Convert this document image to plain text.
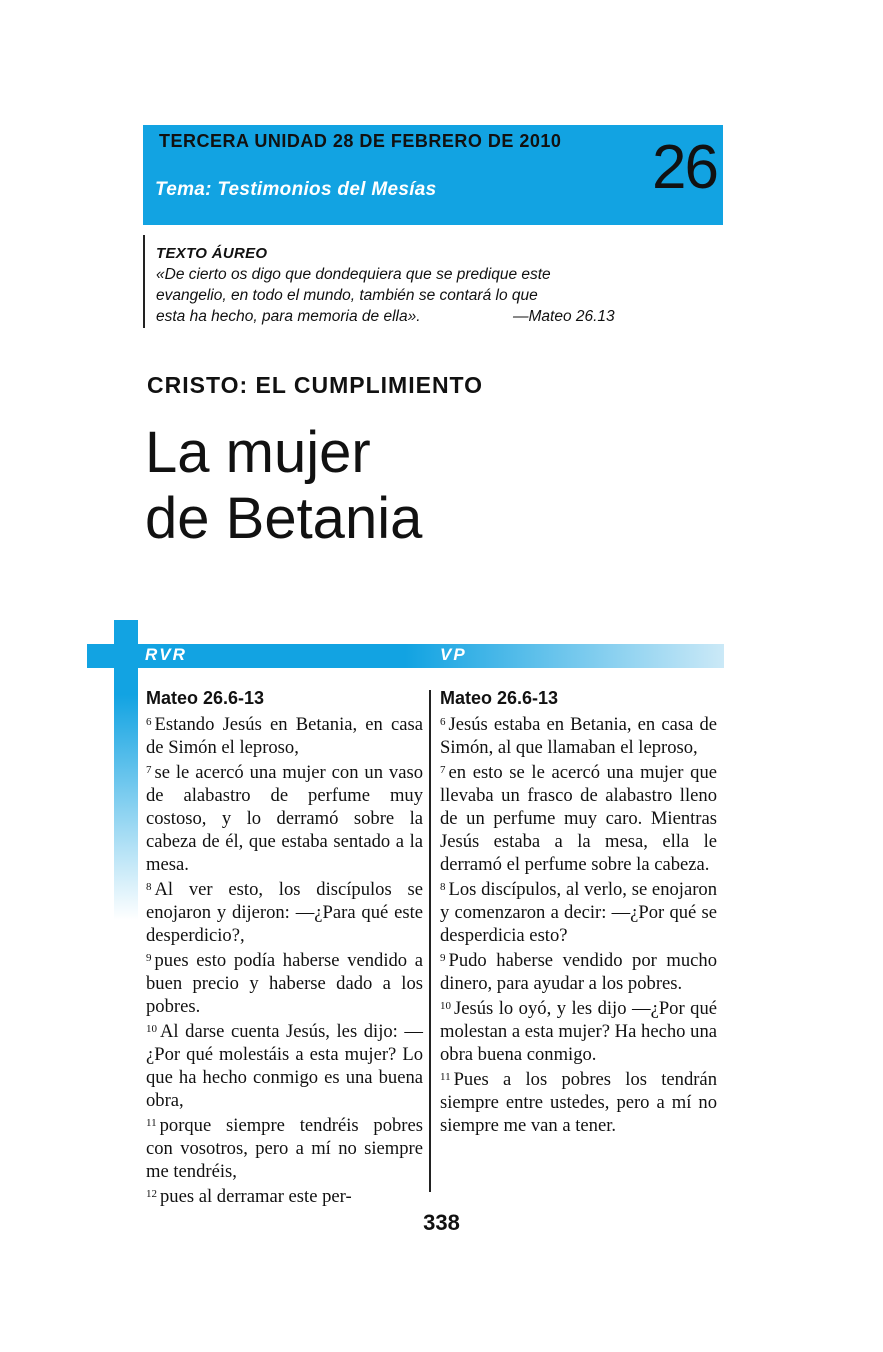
TERCERA UNIDAD 28 DE FEBRERO DE 2010
Tema: Testimonios del Mesías	26
TEXTO ÁUREO
«De cierto os digo que dondequiera que se predique este
evangelio, en todo el mundo, también se contará lo que
esta ha hecho, para memoria de ella».	—Mateo 26.13
CRISTO: EL CUMPLIMIENTO
La mujer
de Betania
RVR	VP
Mateo 26.6-13
$^6$ Estando Jesús en Betania, en casa de Simón el leproso,
$^7$ se le acercó una mujer con un vaso de alabastro de perfume muy costoso, y lo derramó sobre la cabeza de él, que estaba sentado a la mesa.
$^8$ Al ver esto, los discípulos se enojaron y dijeron: —¿Para qué este desperdicio?,
$^9$ pues esto podía haberse vendido a buen precio y haberse dado a los pobres.
$^{10}$ Al darse cuenta Jesús, les dijo: —¿Por qué molestáis a esta mujer? Lo que ha hecho conmigo es una buena obra,
$^{11}$ porque siempre tendréis pobres con vosotros, pero a mí no siempre me tendréis,
$^{12}$ pues al derramar este per-
Mateo 26.6-13
$^6$ Jesús estaba en Betania, en casa de Simón, al que llamaban el leproso,
$^7$ en esto se le acercó una mujer que llevaba un frasco de alabastro lleno de un perfume muy caro. Mientras Jesús estaba a la mesa, ella le derramó el perfume sobre la cabeza.
$^8$ Los discípulos, al verlo, se enojaron y comenzaron a decir: —¿Por qué se desperdicia esto?
$^9$ Pudo haberse vendido por mucho dinero, para ayudar a los pobres.
$^{10}$ Jesús lo oyó, y les dijo —¿Por qué molestan a esta mujer? Ha hecho una obra buena conmigo.
$^{11}$ Pues a los pobres los tendrán siempre entre ustedes, pero a mí no siempre me van a tener.
338
